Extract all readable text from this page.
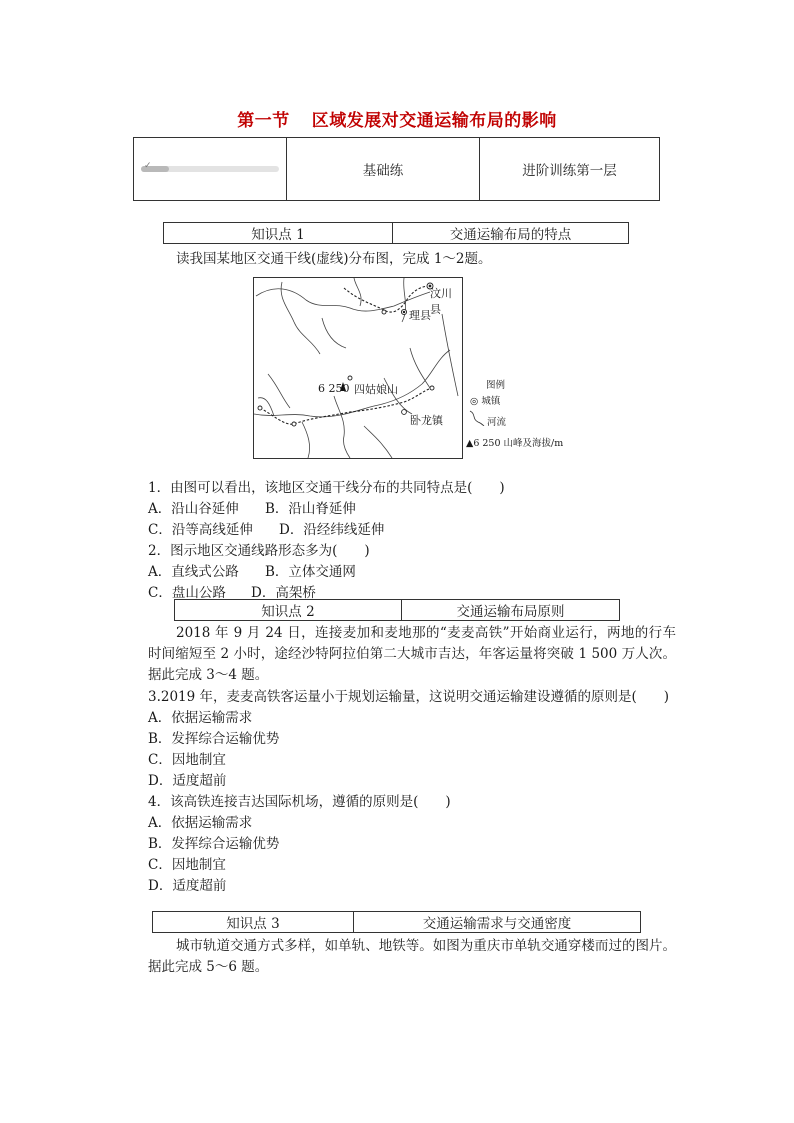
第一节 区域发展对交通运输布局的影响
✓	基础练	进阶训练第一层
知识点 1	交通运输布局的特点
读我国某地区交通干线(虚线)分布图，完成 1～2题。
汶川县
理县
6 250 四姑娘山
卧龙镇
图例
◎ 城镇
河流
▲6 250 山峰及海拔/m
1．由图可以看出，该地区交通干线分布的共同特点是(　　)
A．沿山谷延伸 B．沿山脊延伸
C．沿等高线延伸 D．沿经纬线延伸
2．图示地区交通线路形态多为(　　)
A．直线式公路 B．立体交通网
C．盘山公路 D．高架桥
知识点 2	交通运输布局原则
2018 年 9 月 24 日，连接麦加和麦地那的“麦麦高铁”开始商业运行，两地的行车时间缩短至 2 小时，途经沙特阿拉伯第二大城市吉达，年客运量将突破 1 500 万人次。据此完成 3～4 题。
3.2019 年，麦麦高铁客运量小于规划运输量，这说明交通运输建设遵循的原则是(　　)
A．依据运输需求
B．发挥综合运输优势
C．因地制宜
D．适度超前
4．该高铁连接吉达国际机场，遵循的原则是(　　)
A．依据运输需求
B．发挥综合运输优势
C．因地制宜
D．适度超前
知识点 3	交通运输需求与交通密度
城市轨道交通方式多样，如单轨、地铁等。如图为重庆市单轨交通穿楼而过的图片。据此完成 5～6 题。
